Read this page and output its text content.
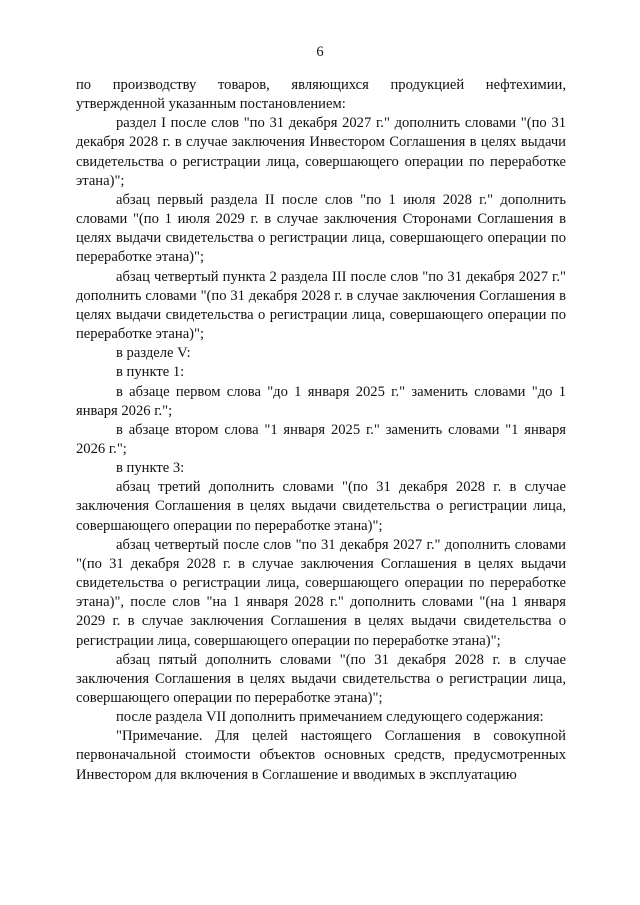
6

по производству товаров, являющихся продукцией нефтехимии, утвержденной указанным постановлением:

раздел I после слов "по 31 декабря 2027 г." дополнить словами "(по 31 декабря 2028 г. в случае заключения Инвестором Соглашения в целях выдачи свидетельства о регистрации лица, совершающего операции по переработке этана)";

абзац первый раздела II после слов "по 1 июля 2028 г." дополнить словами "(по 1 июля 2029 г. в случае заключения Сторонами Соглашения в целях выдачи свидетельства о регистрации лица, совершающего операции по переработке этана)";

абзац четвертый пункта 2 раздела III после слов "по 31 декабря 2027 г." дополнить словами "(по 31 декабря 2028 г. в случае заключения Соглашения в целях выдачи свидетельства о регистрации лица, совершающего операции по переработке этана)";

в разделе V:

в пункте 1:

в абзаце первом слова "до 1 января 2025 г." заменить словами "до 1 января 2026 г.";

в абзаце втором слова "1 января 2025 г." заменить словами "1 января 2026 г.";

в пункте 3:

абзац третий дополнить словами "(по 31 декабря 2028 г. в случае заключения Соглашения в целях выдачи свидетельства о регистрации лица, совершающего операции по переработке этана)";

абзац четвертый после слов "по 31 декабря 2027 г." дополнить словами "(по 31 декабря 2028 г. в случае заключения Соглашения в целях выдачи свидетельства о регистрации лица, совершающего операции по переработке этана)", после слов "на 1 января 2028 г." дополнить словами "(на 1 января 2029 г. в случае заключения Соглашения в целях выдачи свидетельства о регистрации лица, совершающего операции по переработке этана)";

абзац пятый дополнить словами "(по 31 декабря 2028 г. в случае заключения Соглашения в целях выдачи свидетельства о регистрации лица, совершающего операции по переработке этана)";

после раздела VII дополнить примечанием следующего содержания:

"Примечание. Для целей настоящего Соглашения в совокупной первоначальной стоимости объектов основных средств, предусмотренных Инвестором для включения в Соглашение и вводимых в эксплуатацию
